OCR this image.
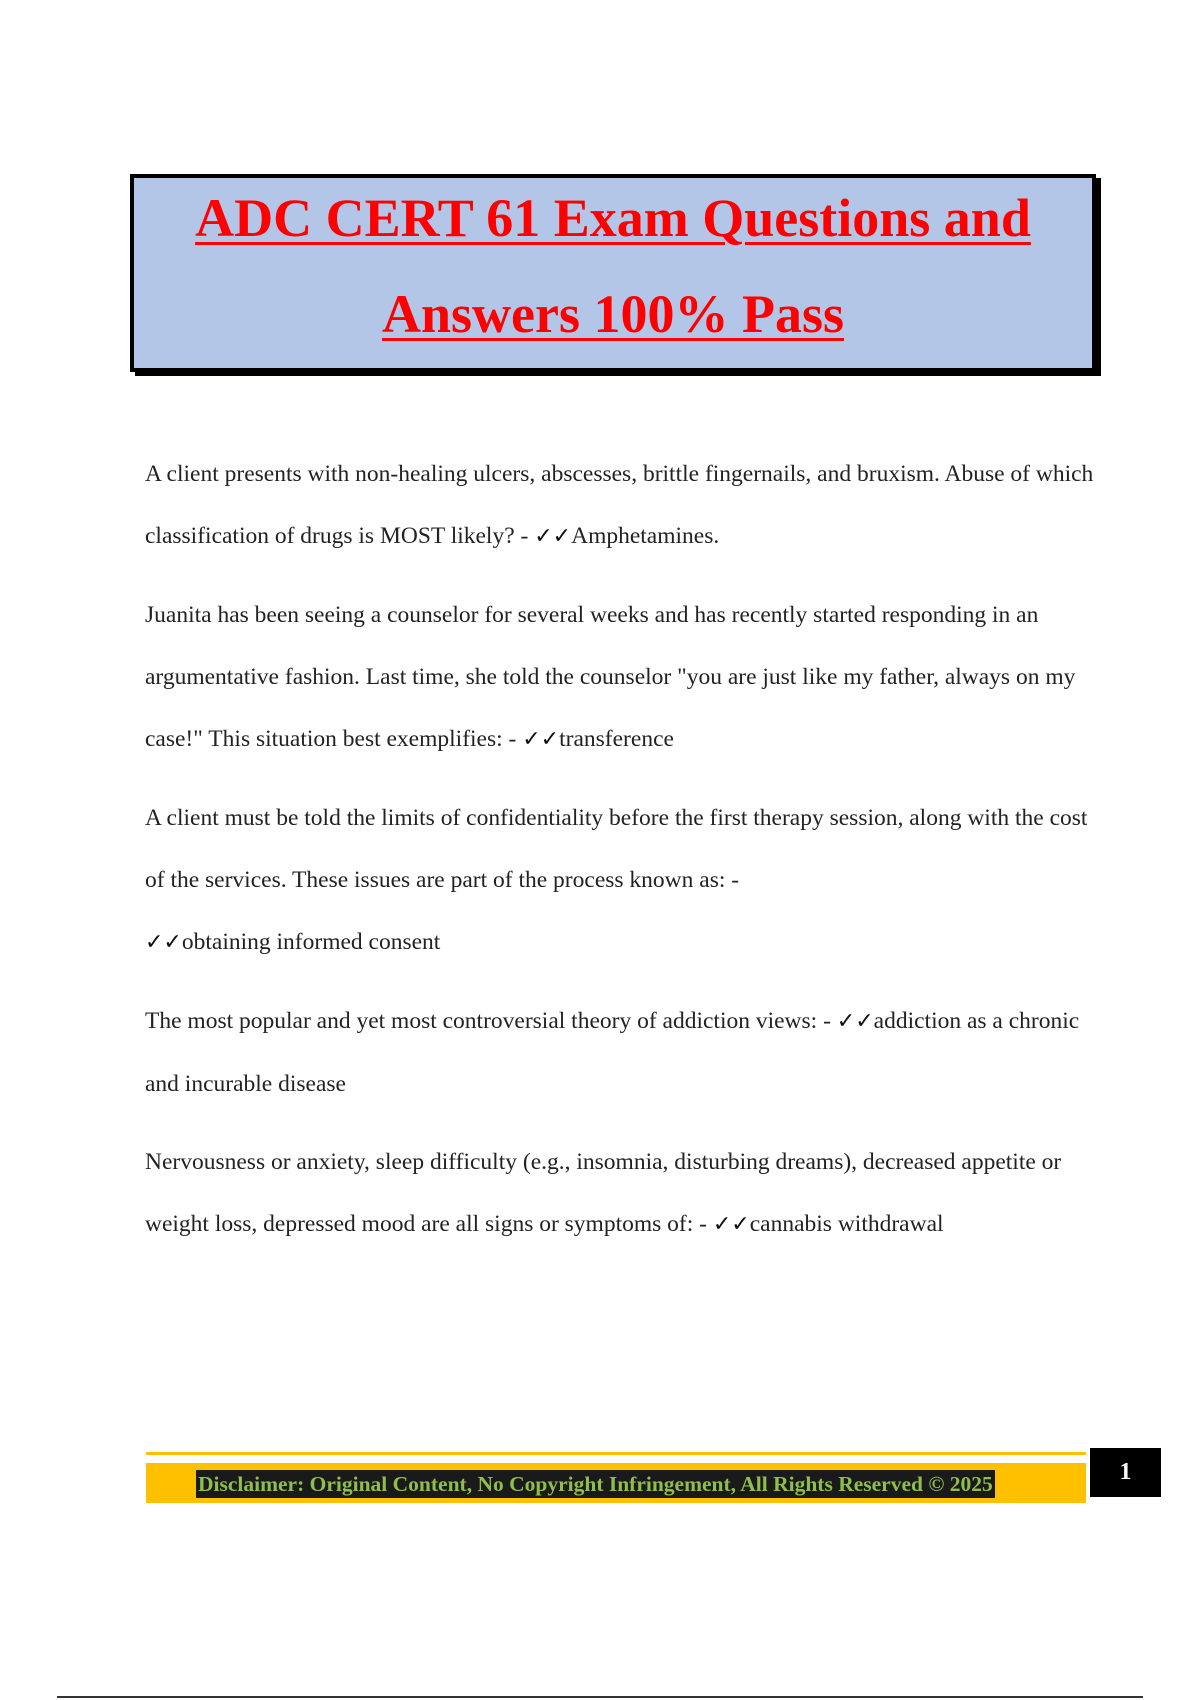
ADC CERT 61 Exam Questions and
Answers 100% Pass

A client presents with non-healing ulcers, abscesses, brittle fingernails, and bruxism. Abuse of which classification of drugs is MOST likely? - ✓✓Amphetamines.

Juanita has been seeing a counselor for several weeks and has recently started responding in an argumentative fashion. Last time, she told the counselor "you are just like my father, always on my case!" This situation best exemplifies: - ✓✓transference

A client must be told the limits of confidentiality before the first therapy session, along with the cost of the services. These issues are part of the process known as: -
✓✓obtaining informed consent

The most popular and yet most controversial theory of addiction views: - ✓✓addiction as a chronic and incurable disease

Nervousness or anxiety, sleep difficulty (e.g., insomnia, disturbing dreams), decreased appetite or weight loss, depressed mood are all signs or symptoms of: - ✓✓cannabis withdrawal

Disclaimer: Original Content, No Copyright Infringement, All Rights Reserved © 2025	1
